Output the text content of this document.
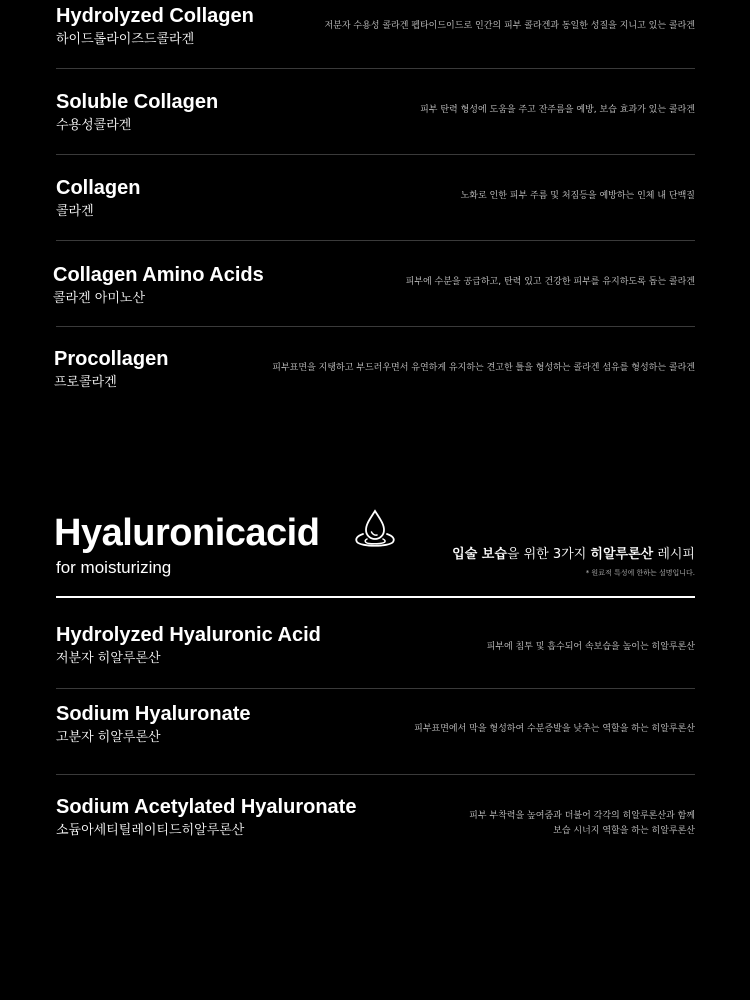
Hydrolyzed Collagen
하이드롤라이즈드콜라겐
저분자 수용성 콜라겐 펩타이드이드로 인간의 피부 콜라겐과 동일한 성질을 지니고 있는 콜라겐
Soluble Collagen
수용성콜라겐
피부 탄력 형성에 도움을 주고 잔주름을 예방, 보습 효과가 있는 콜라겐
Collagen
콜라겐
노화로 인한 피부 주름 및 처짐등을 예방하는 인체 내 단백질
Collagen Amino Acids
콜라겐 아미노산
피부에 수분을 공급하고, 탄력 있고 건강한 피부를 유지하도록 돕는 콜라겐
Procollagen
프로콜라겐
피부표면을 지탱하고 부드러우면서 유연하게 유지하는 견고한 틀을 형성하는 콜라겐 섬유를 형성하는 콜라겐
Hyaluronicacid
for moisturizing
입술 보습을 위한 3가지 히알루론산 레시피
* 원료적 특성에 한하는 설명입니다.
Hydrolyzed Hyaluronic Acid
저분자 히알루론산
피부에 침투 및 흡수되어 속보습을 높이는 히알루론산
Sodium Hyaluronate
고분자 히알루론산
피부표면에서 막을 형성하여 수분증발을 낮추는 역할을 하는 히알루론산
Sodium Acetylated Hyaluronate
소듐아세티틸레이티드히알루론산
피부 부착력을 높여줌과 더불어 각각의 히알루론산과 함께
보습 시너지 역할을 하는 히알루론산
